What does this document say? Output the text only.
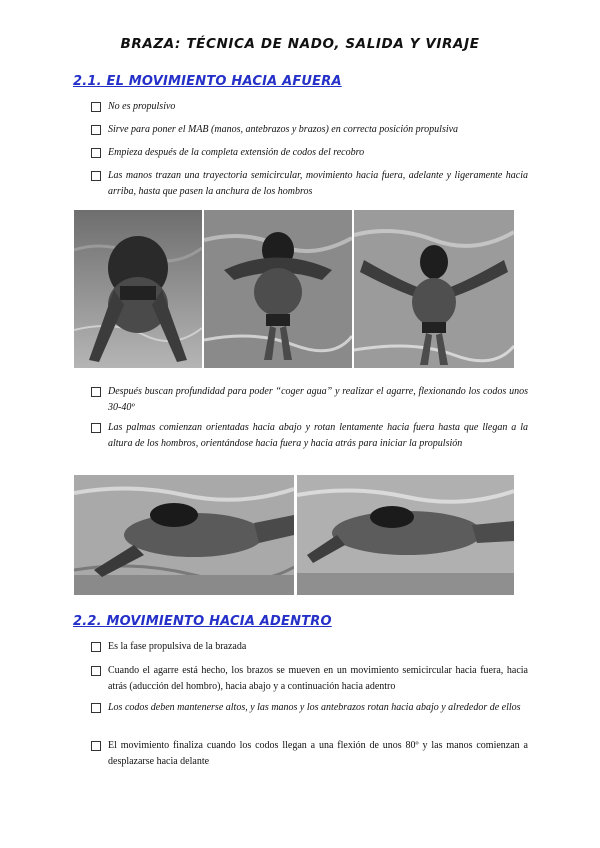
BRAZA: TÉCNICA DE NADO, SALIDA Y VIRAJE
2.1. EL MOVIMIENTO HACIA AFUERA
No es propulsivo
Sirve para poner el MAB (manos, antebrazos y brazos) en correcta posición propulsiva
Empieza después de la completa extensión de codos del recobro
Las manos trazan una trayectoria semicircular, movimiento hacia fuera, adelante y ligeramente hacia arriba, hasta que pasen la anchura de los hombros
Después buscan profundidad para poder “coger agua” y realizar el agarre, flexionando los codos unos 30-40º
Las palmas comienzan orientadas hacia abajo y rotan lentamente hacia fuera hasta que llegan a la altura de los hombros, orientándose hacia fuera y hacia atrás para iniciar la propulsión
2.2. MOVIMIENTO HACIA ADENTRO
Es la fase propulsiva de la brazada
Cuando el agarre está hecho, los brazos se mueven en un movimiento semicircular hacia fuera, hacia atrás (aducción del hombro), hacia abajo y a continuación hacia adentro
Los codos deben mantenerse altos, y las manos y los antebrazos rotan hacia abajo y alrededor de ellos
El movimiento finaliza cuando los codos llegan a una flexión de unos 80º y las manos comienzan a desplazarse hacia delante
